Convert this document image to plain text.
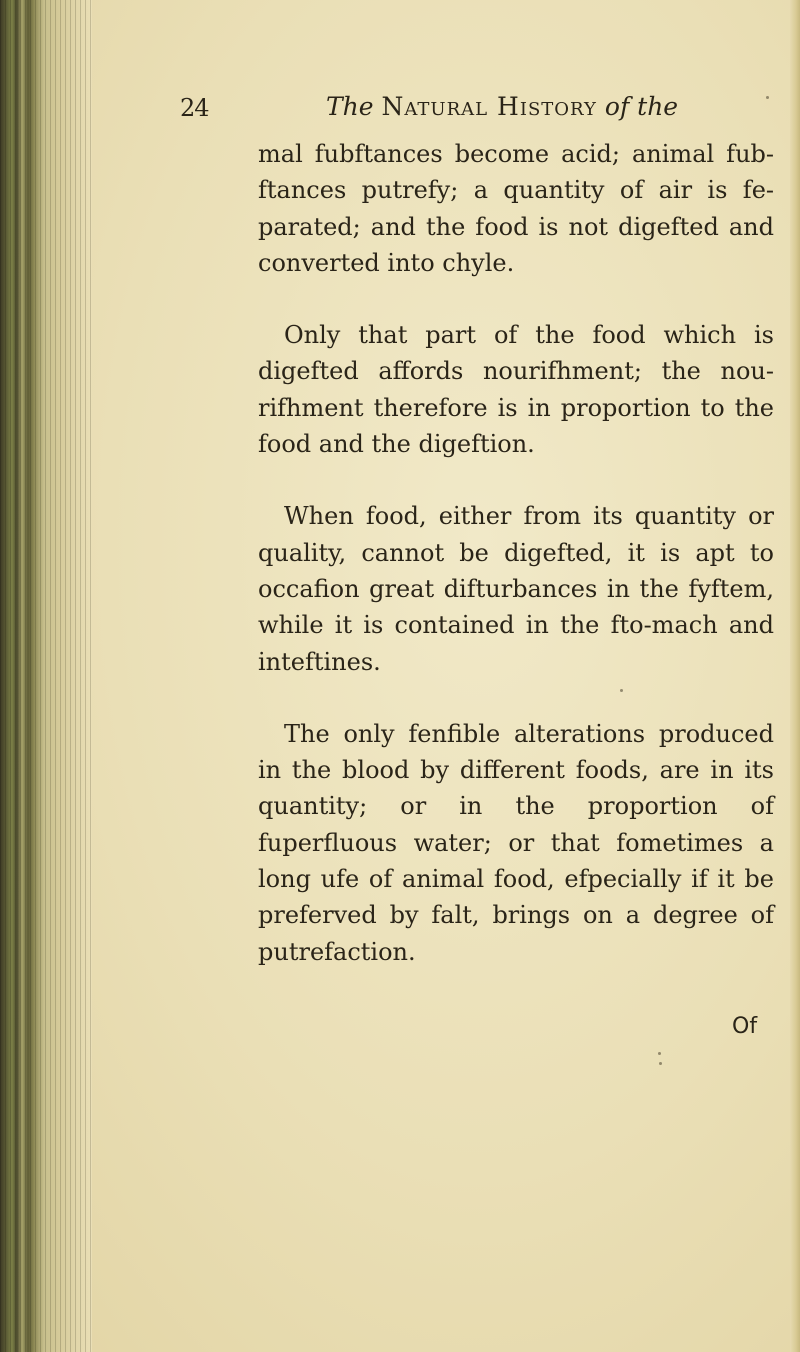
24	The Natural History of the

mal fubftances become acid; animal fub-ftances putrefy; a quantity of air is fe-parated; and the food is not digefted and converted into chyle.

Only that part of the food which is digefted affords nourifhment; the nou-rifhment therefore is in proportion to the food and the digeftion.

When food, either from its quantity or quality, cannot be digefted, it is apt to occafion great difturbances in the fyftem, while it is contained in the fto-mach and inteftines.

The only fenfible alterations produced in the blood by different foods, are in its quantity; or in the proportion of fuperfluous water; or that fometimes a long ufe of animal food, efpecially if it be preferved by falt, brings on a degree of putrefaction.

Of
